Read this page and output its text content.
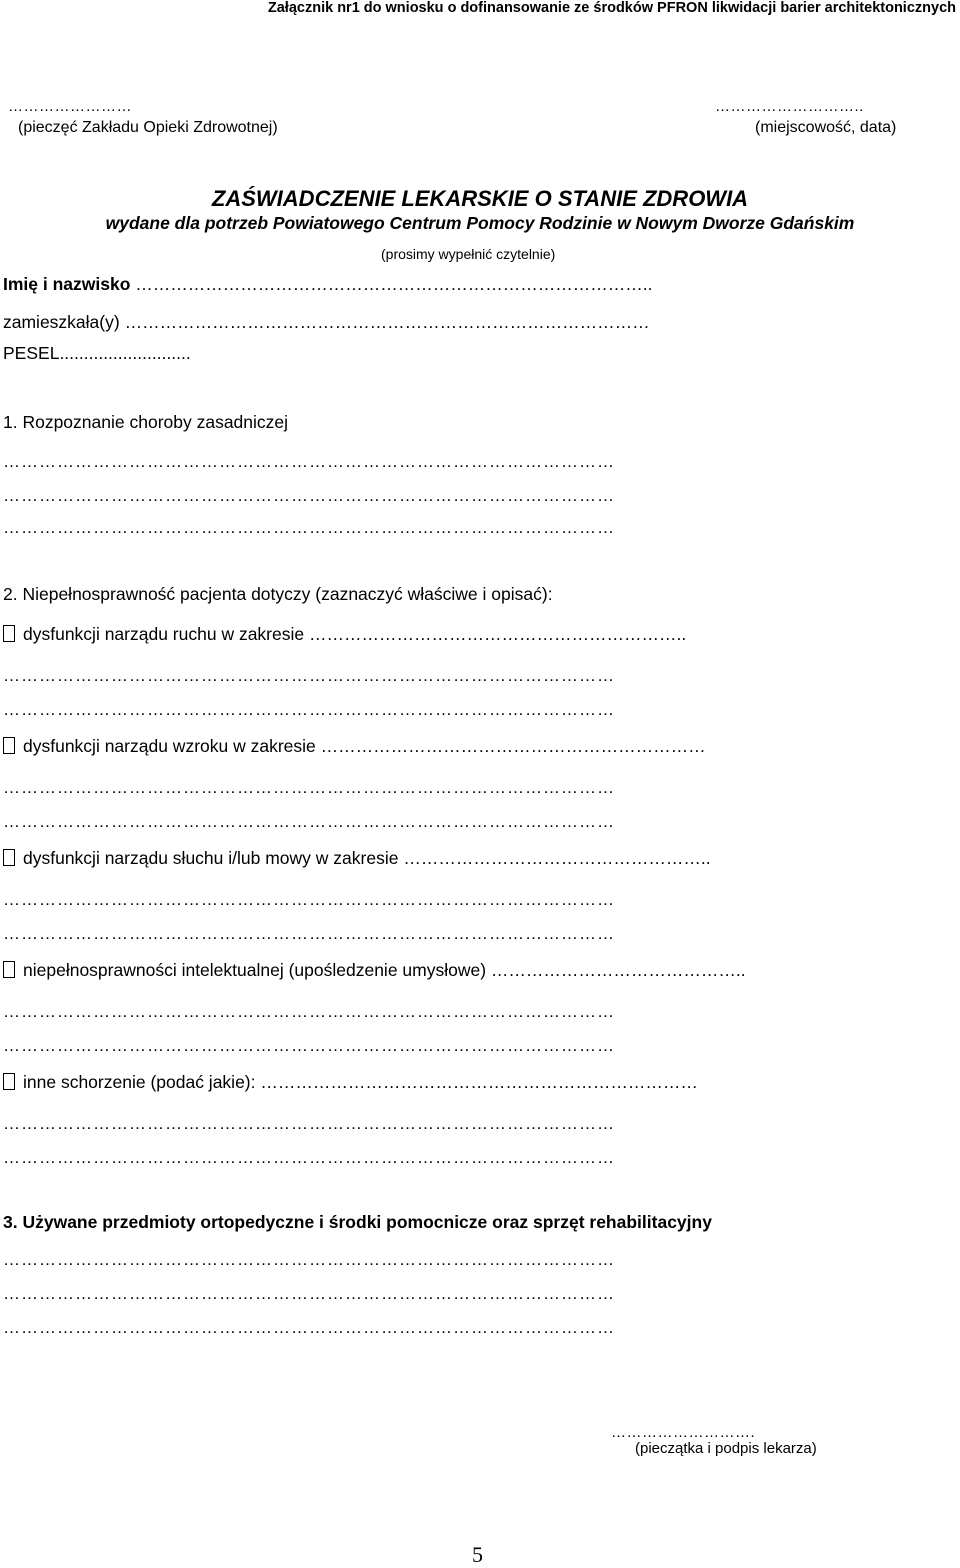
Załącznik nr1 do wniosku o dofinansowanie ze środków PFRON likwidacji barier architektonicznych
……………………
(pieczęć Zakładu Opieki Zdrowotnej)
………………………..
(miejscowość, data)
ZAŚWIADCZENIE LEKARSKIE O STANIE ZDROWIA
wydane dla potrzeb Powiatowego Centrum Pomocy Rodzinie w Nowym Dworze Gdańskim
(prosimy wypełnić czytelnie)
Imię i nazwisko ……………………………………………………………………………..
zamieszkała(y) ………………………………………………………………………………
PESEL...........................
1. Rozpoznanie choroby zasadniczej
…………………………………………………………………………………………
…………………………………………………………………………………………
…………………………………………………………………………………………
2. Niepełnosprawność pacjenta dotyczy (zaznaczyć właściwe i opisać):
dysfunkcji narządu ruchu w zakresie ………………………………………………………..
…………………………………………………………………………………………
…………………………………………………………………………………………
dysfunkcji narządu wzroku w zakresie …………………………………………………………
…………………………………………………………………………………………
…………………………………………………………………………………………
dysfunkcji narządu słuchu i/lub mowy w zakresie ……………………………………………..
…………………………………………………………………………………………
…………………………………………………………………………………………
niepełnosprawności intelektualnej (upośledzenie umysłowe) ……………………………………..
…………………………………………………………………………………………
…………………………………………………………………………………………
inne schorzenie (podać jakie): …………………………………………………………………
…………………………………………………………………………………………
…………………………………………………………………………………………
3. Używane przedmioty ortopedyczne i środki pomocnicze oraz sprzęt rehabilitacyjny
…………………………………………………………………………………………
…………………………………………………………………………………………
…………………………………………………………………………………………
……………………….
(pieczątka i podpis lekarza)
5
